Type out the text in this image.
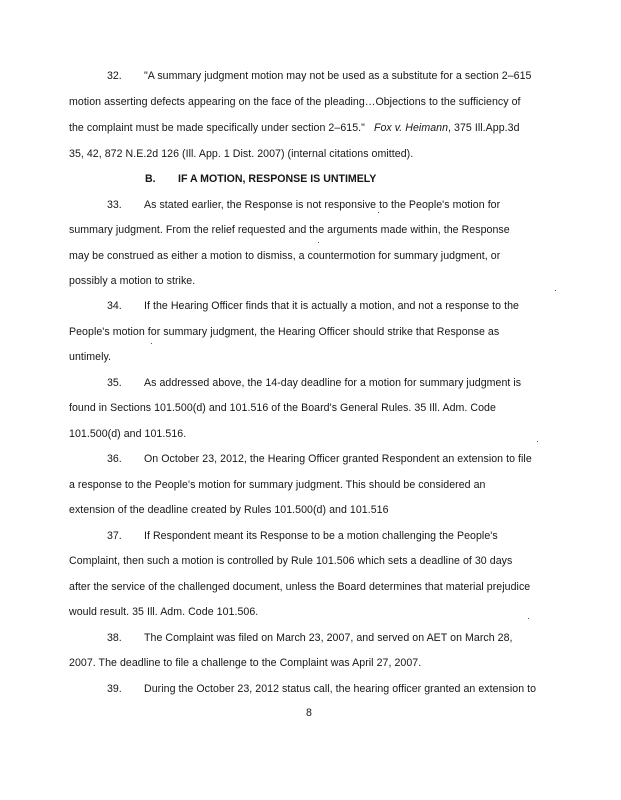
32. "A summary judgment motion may not be used as a substitute for a section 2–615
motion asserting defects appearing on the face of the pleading…Objections to the sufficiency of
the complaint must be made specifically under section 2–615." Fox v. Heimann, 375 Ill.App.3d
35, 42, 872 N.E.2d 126 (Ill. App. 1 Dist. 2007) (internal citations omitted).
B. IF A MOTION, RESPONSE IS UNTIMELY
33. As stated earlier, the Response is not responsive to the People's motion for
summary judgment. From the relief requested and the arguments made within, the Response
may be construed as either a motion to dismiss, a countermotion for summary judgment, or
possibly a motion to strike.
34. If the Hearing Officer finds that it is actually a motion, and not a response to the
People's motion for summary judgment, the Hearing Officer should strike that Response as
untimely.
35. As addressed above, the 14-day deadline for a motion for summary judgment is
found in Sections 101.500(d) and 101.516 of the Board's General Rules. 35 Ill. Adm. Code
101.500(d) and 101.516.
36. On October 23, 2012, the Hearing Officer granted Respondent an extension to file
a response to the People's motion for summary judgment. This should be considered an
extension of the deadline created by Rules 101.500(d) and 101.516
37. If Respondent meant its Response to be a motion challenging the People's
Complaint, then such a motion is controlled by Rule 101.506 which sets a deadline of 30 days
after the service of the challenged document, unless the Board determines that material prejudice
would result. 35 Ill. Adm. Code 101.506.
38. The Complaint was filed on March 23, 2007, and served on AET on March 28,
2007. The deadline to file a challenge to the Complaint was April 27, 2007.
39. During the October 23, 2012 status call, the hearing officer granted an extension to
8
